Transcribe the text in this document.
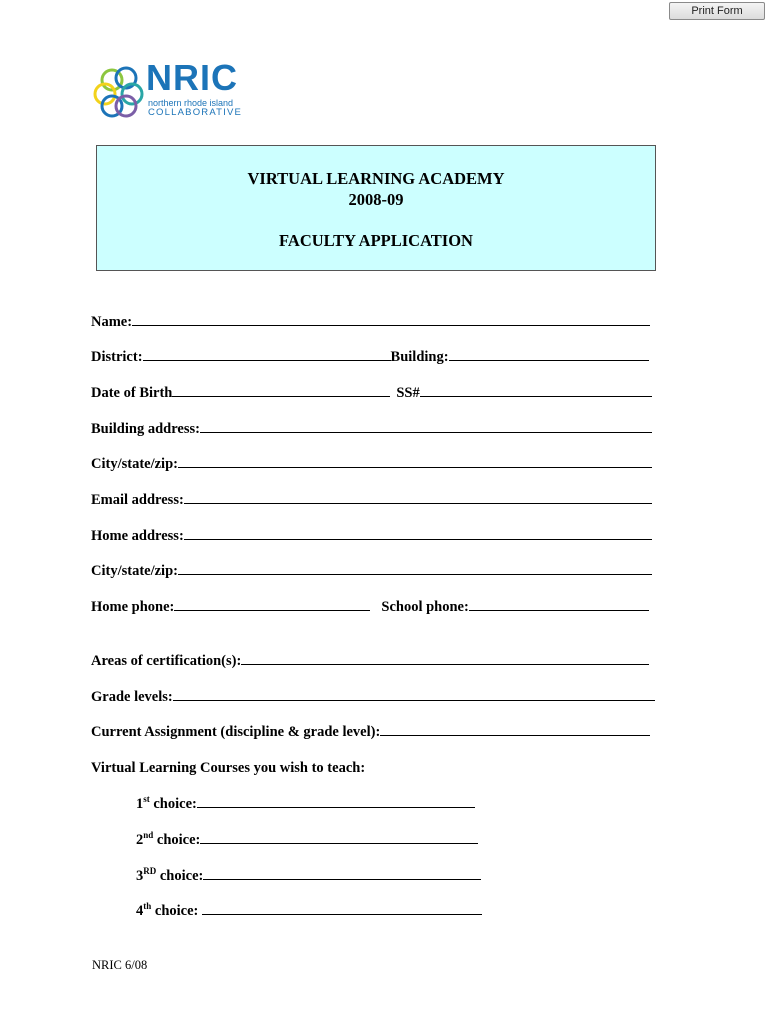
Print Form
NRIC
northern rhode island
COLLABORATIVE
VIRTUAL LEARNING ACADEMY
2008-09
FACULTY APPLICATION
Name:
District:	Building:
Date of Birth	SS#
Building address:
City/state/zip:
Email address:
Home address:
City/state/zip:
Home phone:	School phone:
Areas of certification(s):
Grade levels:
Current Assignment (discipline & grade level):
Virtual Learning Courses you wish to teach:
1st choice:
2nd choice:
3RD choice:
4th choice:
NRIC 6/08
